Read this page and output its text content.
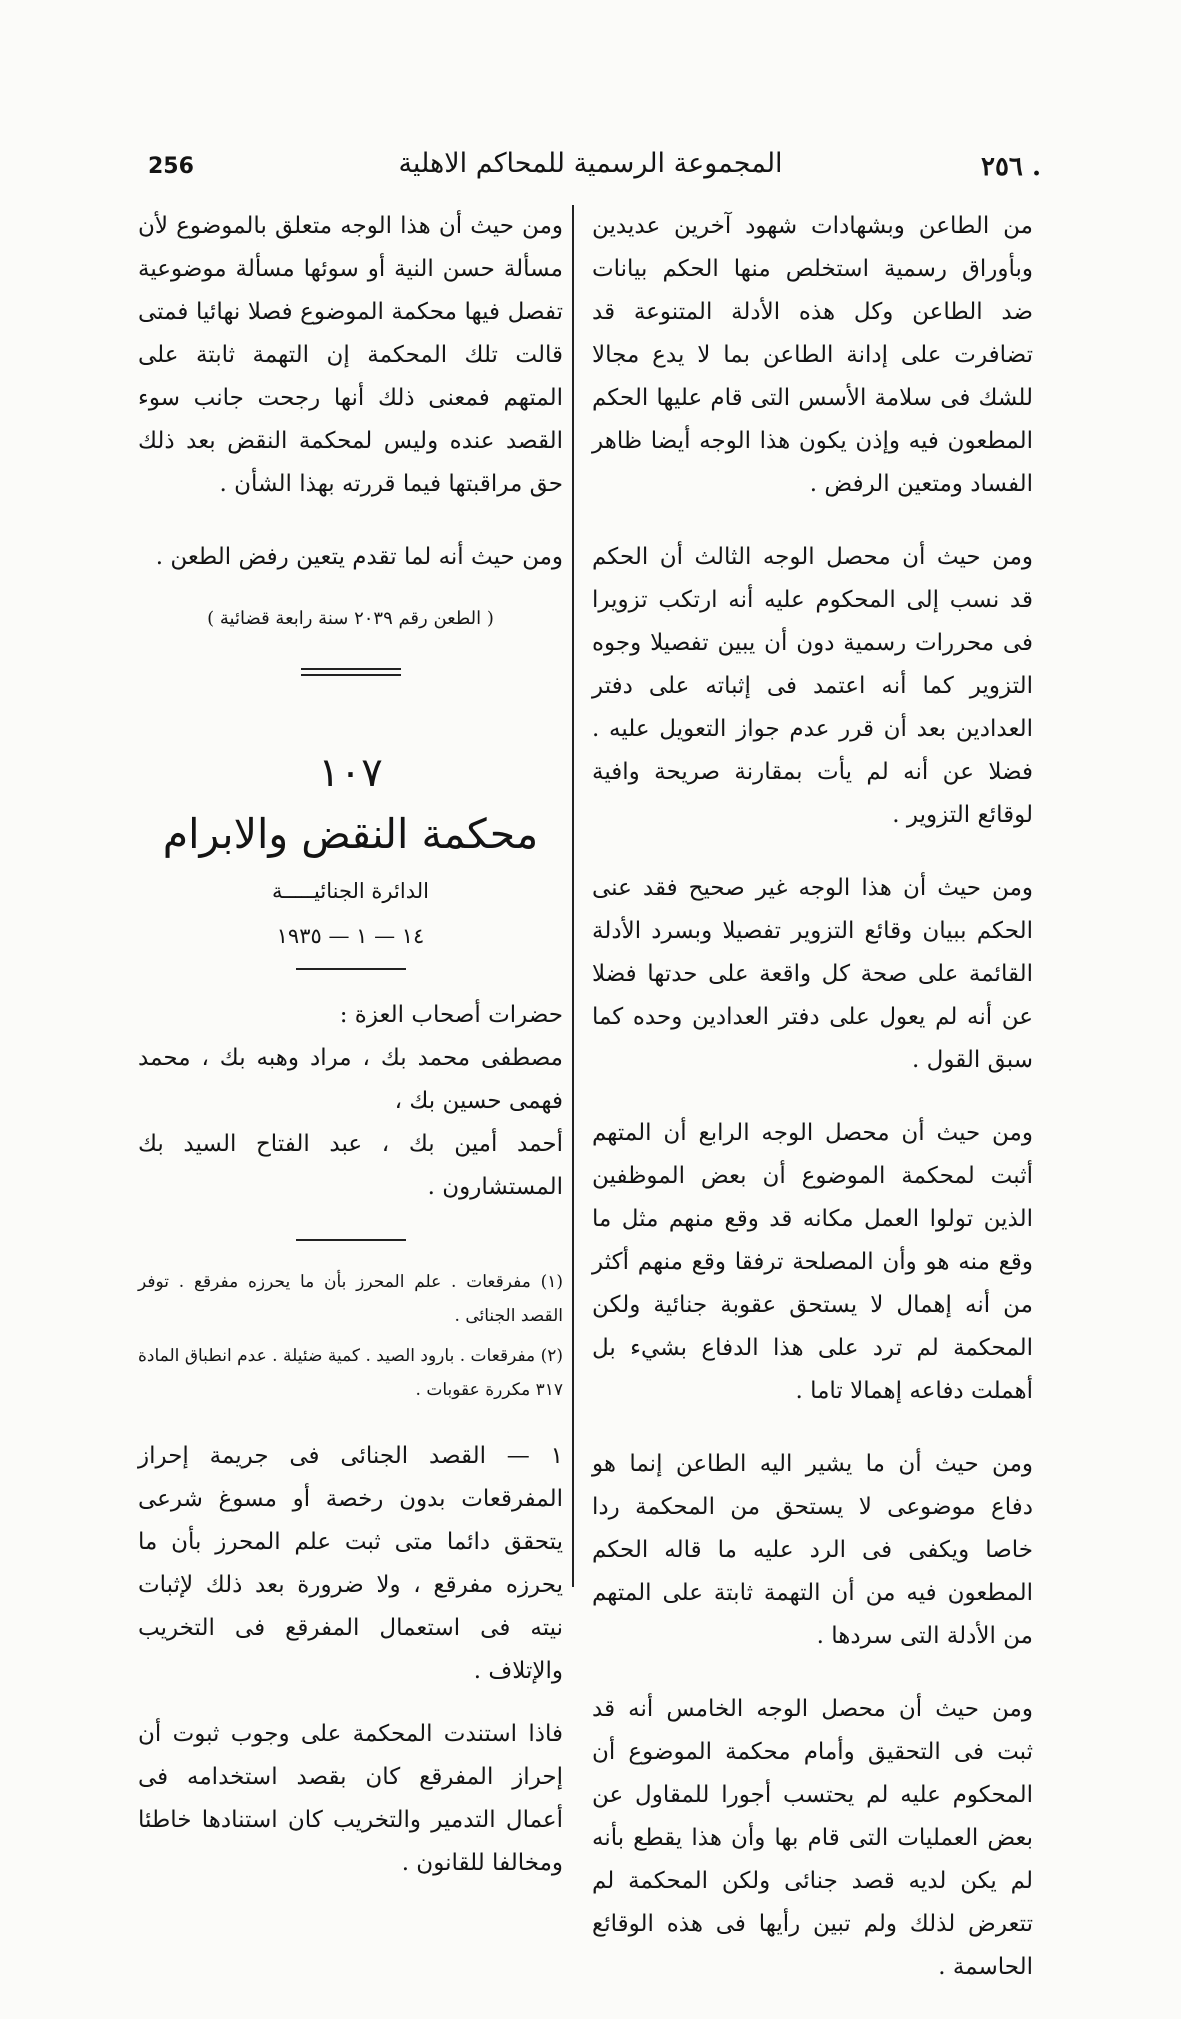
256	المجموعة الرسمية للمحاكم الاهلية	٢٥٦ .

من الطاعن وبشهادات شهود آخرين عديدين وبأوراق رسمية استخلص منها الحكم بيانات ضد الطاعن وكل هذه الأدلة المتنوعة قد تضافرت على إدانة الطاعن بما لا يدع مجالا للشك فى سلامة الأسس التى قام عليها الحكم المطعون فيه وإذن يكون هذا الوجه أيضا ظاهر الفساد ومتعين الرفض .

ومن حيث أن محصل الوجه الثالث أن الحكم قد نسب إلى المحكوم عليه أنه ارتكب تزويرا فى محررات رسمية دون أن يبين تفصيلا وجوه التزوير كما أنه اعتمد فى إثباته على دفتر العدادين بعد أن قرر عدم جواز التعويل عليه . فضلا عن أنه لم يأت بمقارنة صريحة وافية لوقائع التزوير .

ومن حيث أن هذا الوجه غير صحيح فقد عنى الحكم ببيان وقائع التزوير تفصيلا وبسرد الأدلة القائمة على صحة كل واقعة على حدتها فضلا عن أنه لم يعول على دفتر العدادين وحده كما سبق القول .

ومن حيث أن محصل الوجه الرابع أن المتهم أثبت لمحكمة الموضوع أن بعض الموظفين الذين تولوا العمل مكانه قد وقع منهم مثل ما وقع منه هو وأن المصلحة ترفقا وقع منهم أكثر من أنه إهمال لا يستحق عقوبة جنائية ولكن المحكمة لم ترد على هذا الدفاع بشيء بل أهملت دفاعه إهمالا تاما .

ومن حيث أن ما يشير اليه الطاعن إنما هو دفاع موضوعى لا يستحق من المحكمة ردا خاصا ويكفى فى الرد عليه ما قاله الحكم المطعون فيه من أن التهمة ثابتة على المتهم من الأدلة التى سردها .

ومن حيث أن محصل الوجه الخامس أنه قد ثبت فى التحقيق وأمام محكمة الموضوع أن المحكوم عليه لم يحتسب أجورا للمقاول عن بعض العمليات التى قام بها وأن هذا يقطع بأنه لم يكن لديه قصد جنائى ولكن المحكمة لم تتعرض لذلك ولم تبين رأيها فى هذه الوقائع الحاسمة .

ومن حيث أن هذا الوجه متعلق بالموضوع لأن مسألة حسن النية أو سوئها مسألة موضوعية تفصل فيها محكمة الموضوع فصلا نهائيا فمتى قالت تلك المحكمة إن التهمة ثابتة على المتهم فمعنى ذلك أنها رجحت جانب سوء القصد عنده وليس لمحكمة النقض بعد ذلك حق مراقبتها فيما قررته بهذا الشأن .

ومن حيث أنه لما تقدم يتعين رفض الطعن .

( الطعن رقم ٢٠٣٩ سنة رابعة قضائية )
١٠٧
محكمة النقض والابرام
الدائرة الجنائيـــــة
١٤ — ١ — ١٩٣٥

حضرات أصحاب العزة :

مصطفى محمد بك ، مراد وهبه بك ، محمد فهمى حسين بك ،

أحمد أمين بك ، عبد الفتاح السيد بك المستشارون .

(١) مفرقعات . علم المحرز بأن ما يحرزه مفرقع . توفر القصد الجنائى .

(٢) مفرقعات . بارود الصيد . كمية ضئيلة . عدم انطباق المادة ٣١٧ مكررة عقوبات .

١ — القصد الجنائى فى جريمة إحراز المفرقعات بدون رخصة أو مسوغ شرعى يتحقق دائما متى ثبت علم المحرز بأن ما يحرزه مفرقع ، ولا ضرورة بعد ذلك لإثبات نيته فى استعمال المفرقع فى التخريب والإتلاف .

فاذا استندت المحكمة على وجوب ثبوت أن إحراز المفرقع كان بقصد استخدامه فى أعمال التدمير والتخريب كان استنادها خاطئا ومخالفا للقانون .
